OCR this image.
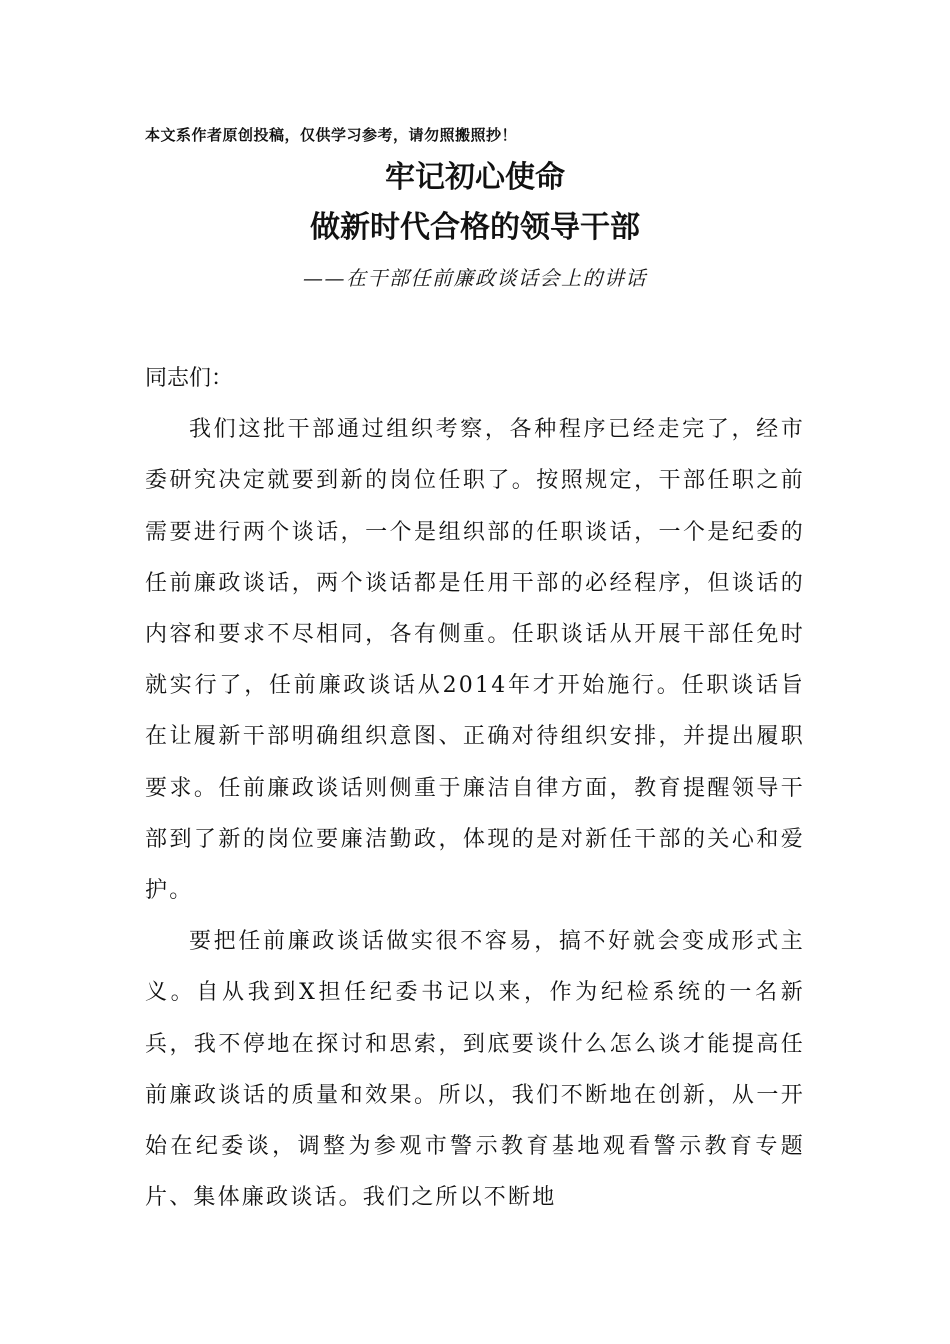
本文系作者原创投稿，仅供学习参考，请勿照搬照抄！
牢记初心使命
做新时代合格的领导干部
——在干部任前廉政谈话会上的讲话

同志们：

我们这批干部通过组织考察，各种程序已经走完了，经市委研究决定就要到新的岗位任职了。按照规定，干部任职之前需要进行两个谈话，一个是组织部的任职谈话，一个是纪委的任前廉政谈话，两个谈话都是任用干部的必经程序，但谈话的内容和要求不尽相同，各有侧重。任职谈话从开展干部任免时就实行了，任前廉政谈话从2014年才开始施行。任职谈话旨在让履新干部明确组织意图、正确对待组织安排，并提出履职要求。任前廉政谈话则侧重于廉洁自律方面，教育提醒领导干部到了新的岗位要廉洁勤政，体现的是对新任干部的关心和爱护。

要把任前廉政谈话做实很不容易，搞不好就会变成形式主义。自从我到X担任纪委书记以来，作为纪检系统的一名新兵，我不停地在探讨和思索，到底要谈什么怎么谈才能提高任前廉政谈话的质量和效果。所以，我们不断地在创新，从一开始在纪委谈，调整为参观市警示教育基地观看警示教育专题片、集体廉政谈话。我们之所以不断地
